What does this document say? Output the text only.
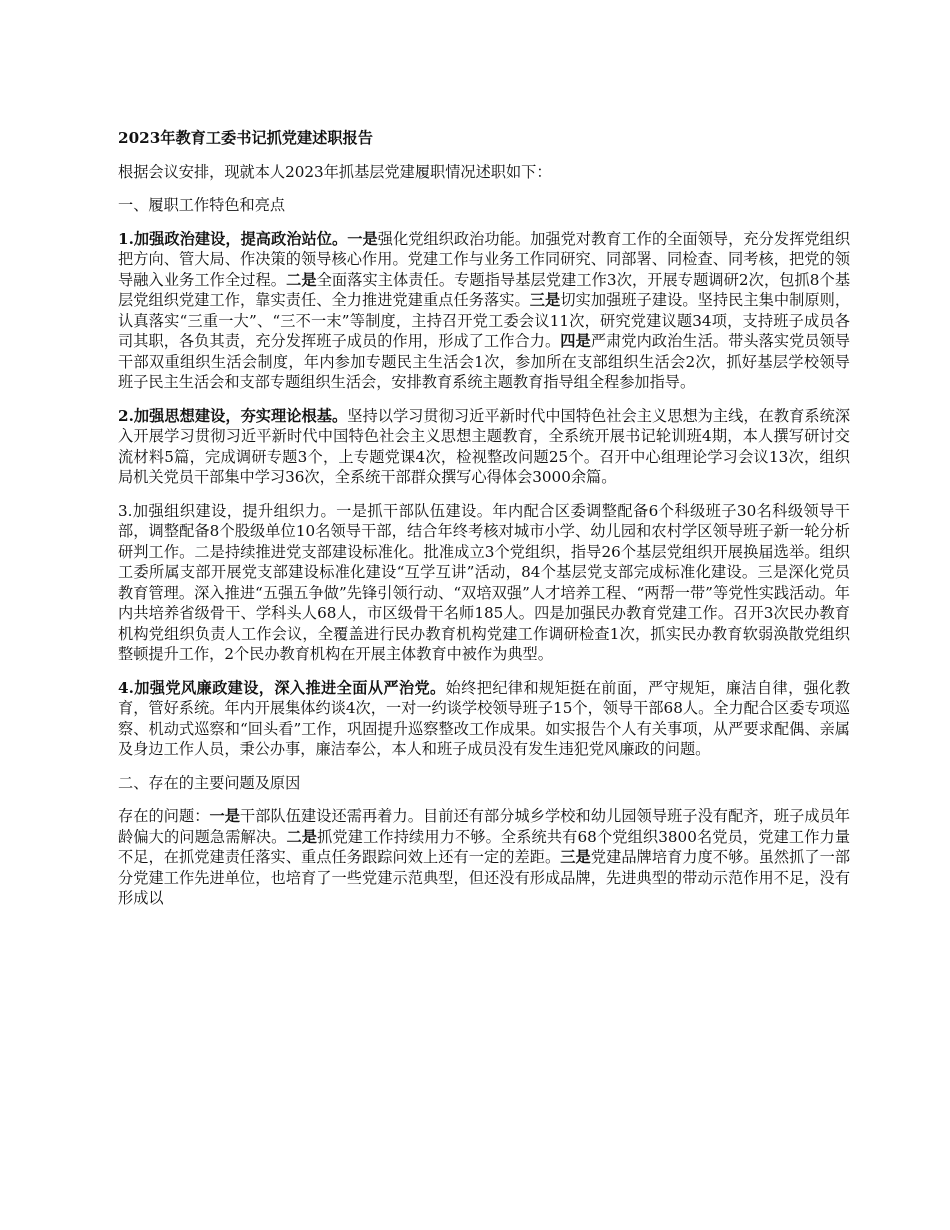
2023年教育工委书记抓党建述职报告
根据会议安排，现就本人2023年抓基层党建履职情况述职如下：
一、履职工作特色和亮点
1.加强政治建设，提高政治站位。一是强化党组织政治功能。加强党对教育工作的全面领导，充分发挥党组织把方向、管大局、作决策的领导核心作用。党建工作与业务工作同研究、同部署、同检查、同考核，把党的领导融入业务工作全过程。二是全面落实主体责任。专题指导基层党建工作3次，开展专题调研2次，包抓8个基层党组织党建工作，靠实责任、全力推进党建重点任务落实。三是切实加强班子建设。坚持民主集中制原则，认真落实“三重一大”、“三不一末”等制度，主持召开党工委会议11次，研究党建议题34项，支持班子成员各司其职，各负其责，充分发挥班子成员的作用，形成了工作合力。四是严肃党内政治生活。带头落实党员领导干部双重组织生活会制度，年内参加专题民主生活会1次，参加所在支部组织生活会2次，抓好基层学校领导班子民主生活会和支部专题组织生活会，安排教育系统主题教育指导组全程参加指导。
2.加强思想建设，夯实理论根基。坚持以学习贯彻习近平新时代中国特色社会主义思想为主线，在教育系统深入开展学习贯彻习近平新时代中国特色社会主义思想主题教育，全系统开展书记轮训班4期，本人撰写研讨交流材料5篇，完成调研专题3个，上专题党课4次，检视整改问题25个。召开中心组理论学习会议13次，组织局机关党员干部集中学习36次，全系统干部群众撰写心得体会3000余篇。
3.加强组织建设，提升组织力。一是抓干部队伍建设。年内配合区委调整配备6个科级班子30名科级领导干部，调整配备8个股级单位10名领导干部，结合年终考核对城市小学、幼儿园和农村学区领导班子新一轮分析研判工作。二是持续推进党支部建设标准化。批准成立3个党组织，指导26个基层党组织开展换届选举。组织工委所属支部开展党支部建设标准化建设“互学互讲”活动，84个基层党支部完成标准化建设。三是深化党员教育管理。深入推进“五强五争做”先锋引领行动、“双培双强”人才培养工程、“两帮一带”等党性实践活动。年内共培养省级骨干、学科头人68人，市区级骨干名师185人。四是加强民办教育党建工作。召开3次民办教育机构党组织负责人工作会议，全覆盖进行民办教育机构党建工作调研检查1次，抓实民办教育软弱涣散党组织整顿提升工作，2个民办教育机构在开展主体教育中被作为典型。
4.加强党风廉政建设，深入推进全面从严治党。始终把纪律和规矩挺在前面，严守规矩，廉洁自律，强化教育，管好系统。年内开展集体约谈4次，一对一约谈学校领导班子15个，领导干部68人。全力配合区委专项巡察、机动式巡察和“回头看”工作，巩固提升巡察整改工作成果。如实报告个人有关事项，从严要求配偶、亲属及身边工作人员，秉公办事，廉洁奉公，本人和班子成员没有发生违犯党风廉政的问题。
二、存在的主要问题及原因
存在的问题：一是干部队伍建设还需再着力。目前还有部分城乡学校和幼儿园领导班子没有配齐，班子成员年龄偏大的问题急需解决。二是抓党建工作持续用力不够。全系统共有68个党组织3800名党员，党建工作力量不足，在抓党建责任落实、重点任务跟踪问效上还有一定的差距。三是党建品牌培育力度不够。虽然抓了一部分党建工作先进单位，也培育了一些党建示范典型，但还没有形成品牌，先进典型的带动示范作用不足，没有形成以
